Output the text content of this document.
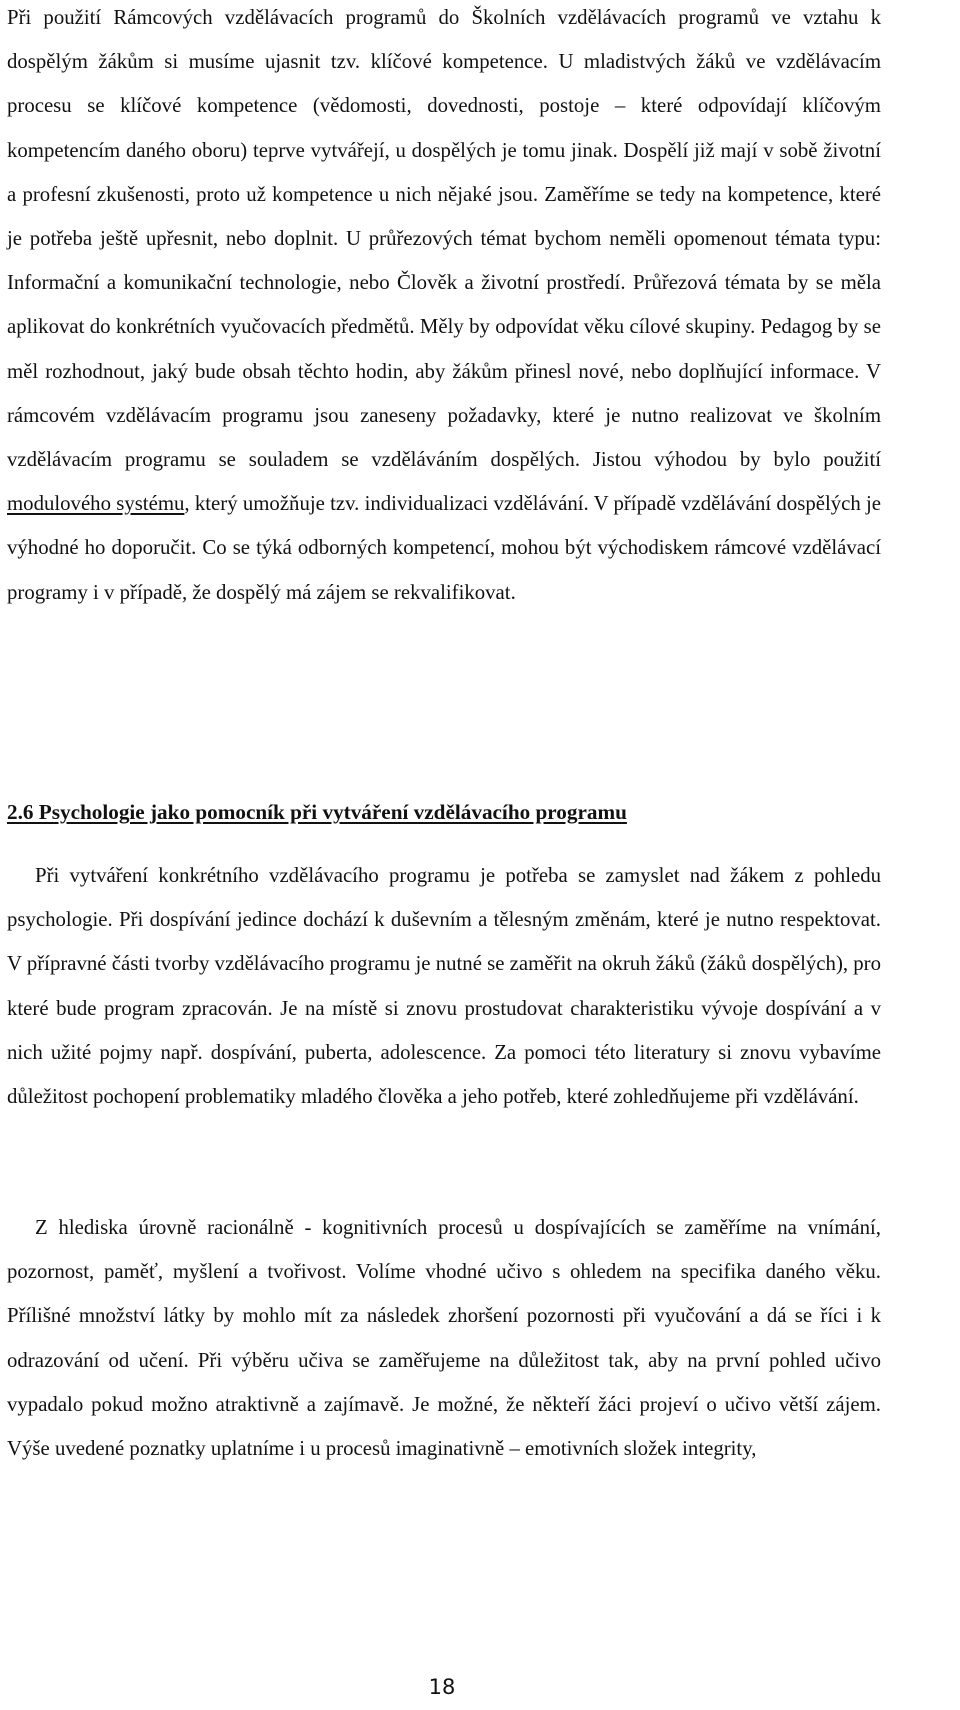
Při použití Rámcových vzdělávacích programů do Školních vzdělávacích programů ve vztahu k dospělým žákům si musíme ujasnit tzv. klíčové kompetence. U mladistvých žáků ve vzdělávacím procesu se klíčové kompetence (vědomosti, dovednosti, postoje – které odpovídají klíčovým kompetencím daného oboru) teprve vytvářejí, u dospělých je tomu jinak. Dospělí již mají v sobě životní a profesní zkušenosti, proto už kompetence u nich nějaké jsou. Zaměříme se tedy na kompetence, které je potřeba ještě upřesnit, nebo doplnit. U průřezových témat bychom neměli opomenout témata typu: Informační a komunikační technologie, nebo Člověk a životní prostředí. Průřezová témata by se měla aplikovat do konkrétních vyučovacích předmětů. Měly by odpovídat věku cílové skupiny. Pedagog by se měl rozhodnout, jaký bude obsah těchto hodin, aby žákům přinesl nové, nebo doplňující informace. V rámcovém vzdělávacím programu jsou zaneseny požadavky, které je nutno realizovat ve školním vzdělávacím programu se souladem se vzděláváním dospělých. Jistou výhodou by bylo použití modulového systému, který umožňuje tzv. individualizaci vzdělávání. V případě vzdělávání dospělých je výhodné ho doporučit. Co se týká odborných kompetencí, mohou být východiskem rámcové vzdělávací programy i v případě, že dospělý má zájem se rekvalifikovat.

2.6 Psychologie jako pomocník při vytváření vzdělávacího programu

Při vytváření konkrétního vzdělávacího programu je potřeba se zamyslet nad žákem z pohledu psychologie. Při dospívání jedince dochází k duševním a tělesným změnám, které je nutno respektovat. V přípravné části tvorby vzdělávacího programu je nutné se zaměřit na okruh žáků (žáků dospělých), pro které bude program zpracován. Je na místě si znovu prostudovat charakteristiku vývoje dospívání a v nich užité pojmy např. dospívání, puberta, adolescence. Za pomoci této literatury si znovu vybavíme důležitost pochopení problematiky mladého člověka a jeho potřeb, které zohledňujeme při vzdělávání.

Z hlediska úrovně racionálně - kognitivních procesů u dospívajících se zaměříme na vnímání, pozornost, paměť, myšlení a tvořivost. Volíme vhodné učivo s ohledem na specifika daného věku. Přílišné množství látky by mohlo mít za následek zhoršení pozornosti při vyučování a dá se říci i k odrazování od učení. Při výběru učiva se zaměřujeme na důležitost tak, aby na první pohled učivo vypadalo pokud možno atraktivně a zajímavě. Je možné, že někteří žáci projeví o učivo větší zájem. Výše uvedené poznatky uplatníme i u procesů imaginativně – emotivních složek integrity,

18
